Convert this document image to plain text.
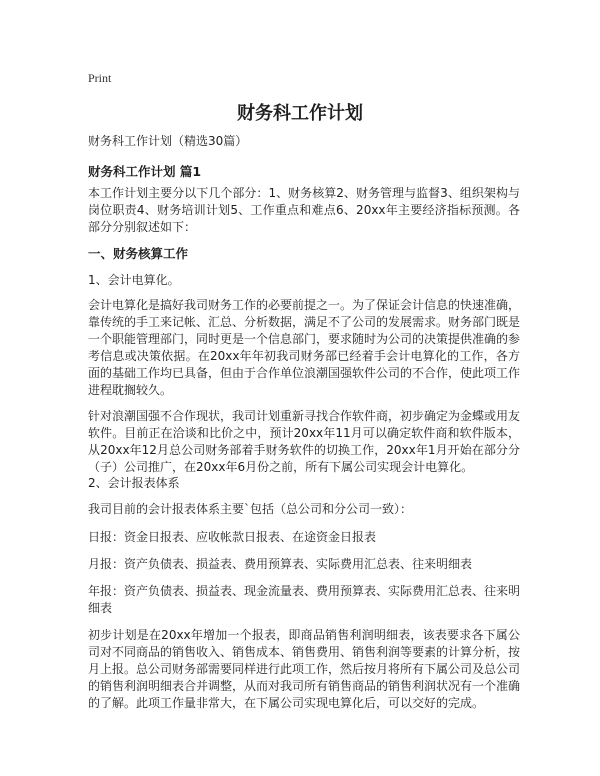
Print
财务科工作计划

财务科工作计划（精选30篇）

财务科工作计划 篇1

本工作计划主要分以下几个部分：1、财务核算2、财务管理与监督3、组织架构与岗位职责4、财务培训计划5、工作重点和难点6、20xx年主要经济指标预测。各部分分别叙述如下：

一、财务核算工作

1、会计电算化。

会计电算化是搞好我司财务工作的必要前提之一。为了保证会计信息的快速准确，靠传统的手工来记帐、汇总、分析数据，满足不了公司的发展需求。财务部门既是一个职能管理部门，同时更是一个信息部门，要求随时为公司的决策提供准确的参考信息或决策依据。在20xx年年初我司财务部已经着手会计电算化的工作，各方面的基础工作均已具备，但由于合作单位浪潮国强软件公司的不合作，使此项工作进程耽搁较久。

针对浪潮国强不合作现状，我司计划重新寻找合作软件商，初步确定为金蝶或用友软件。目前正在洽谈和比价之中，预计20xx年11月可以确定软件商和软件版本，从20xx年12月总公司财务部着手财务软件的切换工作，20xx年1月开始在部分分（子）公司推广，在20xx年6月份之前，所有下属公司实现会计电算化。

2、会计报表体系

我司目前的会计报表体系主要`包括（总公司和分公司一致）：

日报：资金日报表、应收帐款日报表、在途资金日报表

月报：资产负债表、损益表、费用预算表、实际费用汇总表、往来明细表

年报：资产负债表、损益表、现金流量表、费用预算表、实际费用汇总表、往来明细表

初步计划是在20xx年增加一个报表，即商品销售利润明细表，该表要求各下属公司对不同商品的销售收入、销售成本、销售费用、销售利润等要素的计算分析，按月上报。总公司财务部需要同样进行此项工作，然后按月将所有下属公司及总公司的销售利润明细表合并调整，从而对我司所有销售商品的销售利润状况有一个准确的了解。此项工作量非常大，在下属公司实现电算化后，可以交好的完成。
